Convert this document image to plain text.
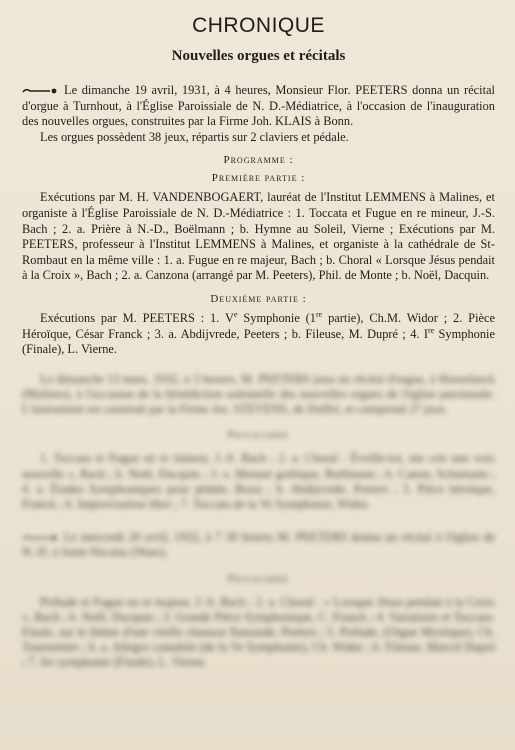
CHRONIQUE
Nouvelles orgues et récitals

Le dimanche 19 avril, 1931, à 4 heures, Monsieur Flor. PEETERS donna un récital d'orgue à Turnhout, à l'Église Paroissiale de N. D.-Médiatrice, à l'occasion de l'inauguration des nouvelles orgues, construites par la Firme Joh. KLAIS à Bonn.

Les orgues possèdent 38 jeux, répartis sur 2 claviers et pédale.

Programme :
Première partie :

Exécutions par M. H. VANDENBOGAERT, lauréat de l'Institut LEMMENS à Malines, et organiste à l'Église Paroissiale de N. D.-Médiatrice : 1. Toccata et Fugue en re mineur, J.-S. Bach ; 2. a. Prière à N.-D., Boëlmann ; b. Hymne au Soleil, Vierne ; Exécutions par M. PEETERS, professeur à l'Institut LEMMENS à Malines, et organiste à la cathédrale de St-Rombaut en la même ville : 1. a. Fugue en re majeur, Bach ; b. Choral « Lorsque Jésus pendait à la Croix », Bach ; 2. a. Canzona (arrangé par M. Peeters), Phil. de Monte ; b. Noël, Dacquin.

Deuxième partie :

Exécutions par M. PEETERS : 1. Ve Symphonie (1re partie), Ch.M. Widor ; 2. Pièce Héroïque, César Franck ; 3. a. Abdijvrede, Peeters ; b. Fileuse, M. Dupré ; 4. Ire Symphonie (Finale), L. Vierne.

Le dimanche 13 mars, 1932, à 3 heures, M. PEETERS joua un récital d'orgue, à Hoeselaeck (Malines), à l'occasion de la bénédiction solennelle des nouvelles orgues de l'église paroissiale. L'instrument est construit par la Firme Jos. STEVENS, de Duffel, et comprend 27 jeux.

Programme

1. Toccata et Fugue en re mineur, J.-S. Bach ; 2. a. Choral : Éveille-toi, me crie une voix nouvelle », Bach ; b. Noël, Dacquin ; 3. a. Menuet gothique, Boëlmann ; b. Canon, Schumann ; 4. a. Études Symphoniques pour pédale, Bossi ; b. Abdijvrede, Peeters ; 5. Pièce héroïque, Franck ; 6. Improvisation libre ; 7. Toccata de la Ve Symphonie, Widor.

Le mercredi 20 avril, 1932, à 7 30 heures M. PEETERS donna un récital à l'église de N.-D. à Saint-Nicolas (Waes).

Programme

Prélude et Fugue en re majeur, J.-S. Bach ; 2. a. Choral : « Lorsque Jésus pendait à la Croix », Bach ; b. Noël, Dacquin ; 3. Grande Pièce Symphonique, C. Franck ; 4. Variations et Toccata-Finale, sur le thème d'une vieille chanson flamande, Peeters ; 5. Prélude, (Orgue Mystique), Ch. Tournemire ; 6. a. Allegro cantabile (de la Ve Symphonie), Ch. Widor ; b. Fileuse, Marcel Dupré ; 7. Ire symphonie (Finale), L. Vierne.
